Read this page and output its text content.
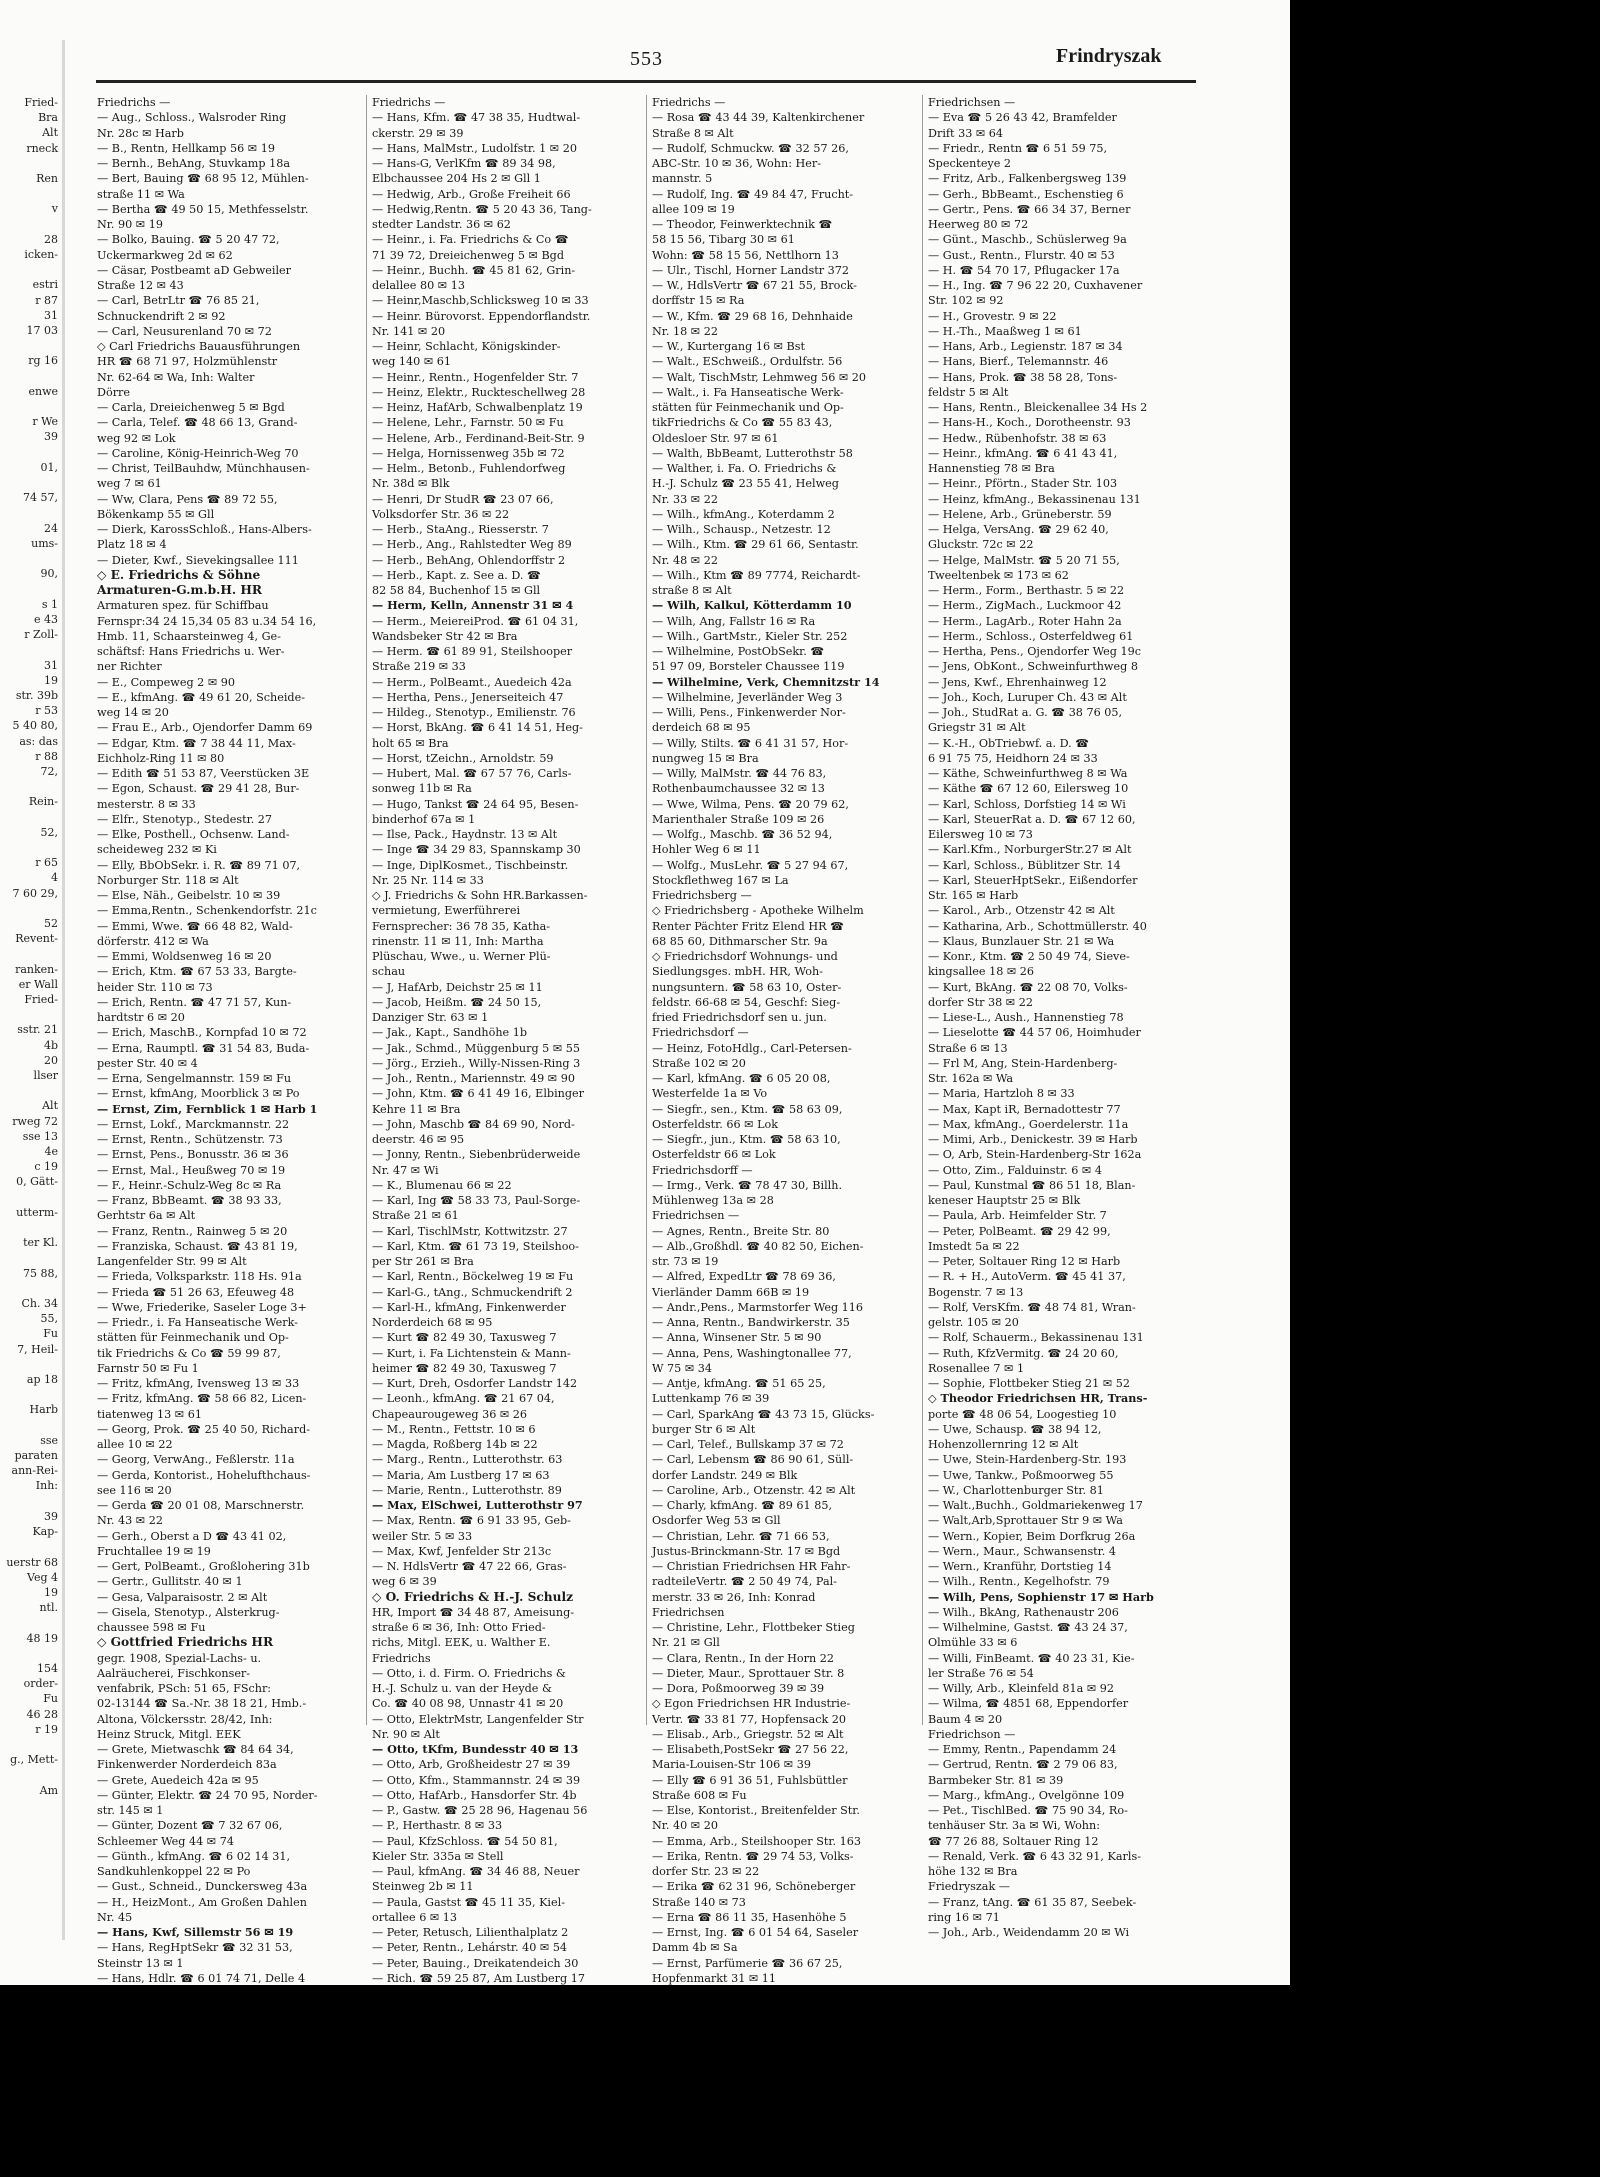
Fried-
Bra
Alt
rneck

Ren

v

28
icken-

estri
r 87
31
17 03

rg 16

enwe

r We
39

01,

74 57,

24
ums-

90,

s 1
e 43
r Zoll-

31
19
str. 39b
r 53
5 40 80,
as: das
r 88
72,

Rein-

52,

r 65
4
7 60 29,

52
Revent-

ranken-
er Wall
Fried-

sstr. 21
4b
20
llser

Alt
rweg 72
sse 13
4e
c 19
0, Gätt-

utterm-

ter Kl.

75 88,

Ch. 34
55,
Fu
7, Heil-

ap 18

Harb

sse
paraten
ann-Rei-
Inh:

39
Kap-

uerstr 68
Veg 4
19
ntl.

48 19

154
order-
Fu
46 28
r 19

g., Mett-

Am
553	Frindryszak
Friedrichs —
— Aug., Schloss., Walsroder Ring
Nr. 28c ✉ Harb
— B., Rentn, Hellkamp 56 ✉ 19
— Bernh., BehAng, Stuvkamp 18a
— Bert, Bauing ☎ 68 95 12, Mühlen-
straße 11 ✉ Wa
— Bertha ☎ 49 50 15, Methfesselstr.
Nr. 90 ✉ 19
— Bolko, Bauing. ☎ 5 20 47 72,
Uckermarkweg 2d ✉ 62
— Cäsar, Postbeamt aD Gebweiler
Straße 12 ✉ 43
— Carl, BetrLtr ☎ 76 85 21,
Schnuckendrift 2 ✉ 92
— Carl, Neusurenland 70 ✉ 72
◇ Carl Friedrichs Bauausführungen
HR ☎ 68 71 97, Holzmühlenstr
Nr. 62-64 ✉ Wa, Inh: Walter
Dörre
— Carla, Dreieichenweg 5 ✉ Bgd
— Carla, Telef. ☎ 48 66 13, Grand-
weg 92 ✉ Lok
— Caroline, König-Heinrich-Weg 70
— Christ, TeilBauhdw, Münchhausen-
weg 7 ✉ 61
— Ww, Clara, Pens ☎ 89 72 55,
Bökenkamp 55 ✉ Gll
— Dierk, KarossSchloß., Hans-Albers-
Platz 18 ✉ 4
— Dieter, Kwf., Sievekingsallee 111
◇ E. Friedrichs & Söhne
Armaturen-G.m.b.H. HR
Armaturen spez. für Schiffbau
Fernspr:34 24 15,34 05 83 u.34 54 16,
Hmb. 11, Schaarsteinweg 4, Ge-
schäftsf: Hans Friedrichs u. Wer-
ner Richter
— E., Compeweg 2 ✉ 90
— E., kfmAng. ☎ 49 61 20, Scheide-
weg 14 ✉ 20
— Frau E., Arb., Ojendorfer Damm 69
— Edgar, Ktm. ☎ 7 38 44 11, Max-
Eichholz-Ring 11 ✉ 80
— Edith ☎ 51 53 87, Veerstücken 3E
— Egon, Schaust. ☎ 29 41 28, Bur-
mesterstr. 8 ✉ 33
— Elfr., Stenotyp., Stedestr. 27
— Elke, Posthell., Ochsenw. Land-
scheideweg 232 ✉ Ki
— Elly, BbObSekr. i. R. ☎ 89 71 07,
Norburger Str. 118 ✉ Alt
— Else, Näh., Geibelstr. 10 ✉ 39
— Emma,Rentn., Schenkendorfstr. 21c
— Emmi, Wwe. ☎ 66 48 82, Wald-
dörferstr. 412 ✉ Wa
— Emmi, Woldsenweg 16 ✉ 20
— Erich, Ktm. ☎ 67 53 33, Bargte-
heider Str. 110 ✉ 73
— Erich, Rentn. ☎ 47 71 57, Kun-
hardtstr 6 ✉ 20
— Erich, MaschB., Kornpfad 10 ✉ 72
— Erna, Raumptl. ☎ 31 54 83, Buda-
pester Str. 40 ✉ 4
— Erna, Sengelmannstr. 159 ✉ Fu
— Ernst, kfmAng, Moorblick 3 ✉ Po
— Ernst, Zim, Fernblick 1 ✉ Harb 1
— Ernst, Lokf., Marckmannstr. 22
— Ernst, Rentn., Schützenstr. 73
— Ernst, Pens., Bonusstr. 36 ✉ 36
— Ernst, Mal., Heußweg 70 ✉ 19
— F., Heinr.-Schulz-Weg 8c ✉ Ra
— Franz, BbBeamt. ☎ 38 93 33,
Gerhtstr 6a ✉ Alt
— Franz, Rentn., Rainweg 5 ✉ 20
— Franziska, Schaust. ☎ 43 81 19,
Langenfelder Str. 99 ✉ Alt
— Frieda, Volksparkstr. 118 Hs. 91a
— Frieda ☎ 51 26 63, Efeuweg 48
— Wwe, Friederike, Saseler Loge 3+
— Friedr., i. Fa Hanseatische Werk-
stätten für Feinmechanik und Op-
tik Friedrichs & Co ☎ 59 99 87,
Farnstr 50 ✉ Fu 1
— Fritz, kfmAng, Ivensweg 13 ✉ 33
— Fritz, kfmAng. ☎ 58 66 82, Licen-
tiatenweg 13 ✉ 61
— Georg, Prok. ☎ 25 40 50, Richard-
allee 10 ✉ 22
— Georg, VerwAng., Feßlerstr. 11a
— Gerda, Kontorist., Hohelufthchaus-
see 116 ✉ 20
— Gerda ☎ 20 01 08, Marschnerstr.
Nr. 43 ✉ 22
— Gerh., Oberst a D ☎ 43 41 02,
Fruchtallee 19 ✉ 19
— Gert, PolBeamt., Großlohering 31b
— Gertr., Gullitstr. 40 ✉ 1
— Gesa, Valparaisostr. 2 ✉ Alt
— Gisela, Stenotyp., Alsterkrug-
chaussee 598 ✉ Fu
◇ Gottfried Friedrichs HR
gegr. 1908, Spezial-Lachs- u.
Aalräucherei, Fischkonser-
venfabrik, PSch: 51 65, FSchr:
02-13144 ☎ Sa.-Nr. 38 18 21, Hmb.-
Altona, Völckersstr. 28/42, Inh:
Heinz Struck, Mitgl. EEK
— Grete, Mietwaschk ☎ 84 64 34,
Finkenwerder Norderdeich 83a
— Grete, Auedeich 42a ✉ 95
— Günter, Elektr. ☎ 24 70 95, Norder-
str. 145 ✉ 1
— Günter, Dozent ☎ 7 32 67 06,
Schleemer Weg 44 ✉ 74
— Günth., kfmAng. ☎ 6 02 14 31,
Sandkuhlenkoppel 22 ✉ Po
— Gust., Schneid., Dunckersweg 43a
— H., HeizMont., Am Großen Dahlen
Nr. 45
— Hans, Kwf, Sillemstr 56 ✉ 19
— Hans, RegHptSekr ☎ 32 31 53,
Steinstr 13 ✉ 1
— Hans, Hdlr. ☎ 6 01 74 71, Delle 4
Friedrichs —
— Hans, Kfm. ☎ 47 38 35, Hudtwal-
ckerstr. 29 ✉ 39
— Hans, MalMstr., Ludolfstr. 1 ✉ 20
— Hans-G, VerlKfm ☎ 89 34 98,
Elbchaussee 204 Hs 2 ✉ Gll 1
— Hedwig, Arb., Große Freiheit 66
— Hedwig,Rentn. ☎ 5 20 43 36, Tang-
stedter Landstr. 36 ✉ 62
— Heinr., i. Fa. Friedrichs & Co ☎
71 39 72, Dreieichenweg 5 ✉ Bgd
— Heinr., Buchh. ☎ 45 81 62, Grin-
delallee 80 ✉ 13
— Heinr,Maschb,Schlicksweg 10 ✉ 33
— Heinr. Bürovorst. Eppendorflandstr.
Nr. 141 ✉ 20
— Heinr, Schlacht, Königskinder-
weg 140 ✉ 61
— Heinr., Rentn., Hogenfelder Str. 7
— Heinz, Elektr., Ruckteschellweg 28
— Heinz, HafArb, Schwalbenplatz 19
— Helene, Lehr., Farnstr. 50 ✉ Fu
— Helene, Arb., Ferdinand-Beit-Str. 9
— Helga, Hornissenweg 35b ✉ 72
— Helm., Betonb., Fuhlendorfweg
Nr. 38d ✉ Blk
— Henri, Dr StudR ☎ 23 07 66,
Volksdorfer Str. 36 ✉ 22
— Herb., StaAng., Riesserstr. 7
— Herb., Ang., Rahlstedter Weg 89
— Herb., BehAng, Ohlendorffstr 2
— Herb., Kapt. z. See a. D. ☎
82 58 84, Buchenhof 15 ✉ Gll
— Herm, Kelln, Annenstr 31 ✉ 4
— Herm., MeiereiProd. ☎ 61 04 31,
Wandsbeker Str 42 ✉ Bra
— Herm. ☎ 61 89 91, Steilshooper
Straße 219 ✉ 33
— Herm., PolBeamt., Auedeich 42a
— Hertha, Pens., Jenerseiteich 47
— Hildeg., Stenotyp., Emilienstr. 76
— Horst, BkAng. ☎ 6 41 14 51, Heg-
holt 65 ✉ Bra
— Horst, tZeichn., Arnoldstr. 59
— Hubert, Mal. ☎ 67 57 76, Carls-
sonweg 11b ✉ Ra
— Hugo, Tankst ☎ 24 64 95, Besen-
binderhof 67a ✉ 1
— Ilse, Pack., Haydnstr. 13 ✉ Alt
— Inge ☎ 34 29 83, Spannskamp 30
— Inge, DiplKosmet., Tischbeinstr.
Nr. 25 Nr. 114 ✉ 33
◇ J. Friedrichs & Sohn HR.Barkassen-
vermietung, Ewerführerei
Fernsprecher: 36 78 35, Katha-
rinenstr. 11 ✉ 11, Inh: Martha
Plüschau, Wwe., u. Werner Plü-
schau
— J, HafArb, Deichstr 25 ✉ 11
— Jacob, Heißm. ☎ 24 50 15,
Danziger Str. 63 ✉ 1
— Jak., Kapt., Sandhöhe 1b
— Jak., Schmd., Müggenburg 5 ✉ 55
— Jörg., Erzieh., Willy-Nissen-Ring 3
— Joh., Rentn., Mariennstr. 49 ✉ 90
— John, Ktm. ☎ 6 41 49 16, Elbinger
Kehre 11 ✉ Bra
— John, Maschb ☎ 84 69 90, Nord-
deerstr. 46 ✉ 95
— Jonny, Rentn., Siebenbrüderweide
Nr. 47 ✉ Wi
— K., Blumenau 66 ✉ 22
— Karl, Ing ☎ 58 33 73, Paul-Sorge-
Straße 21 ✉ 61
— Karl, TischlMstr, Kottwitzstr. 27
— Karl, Ktm. ☎ 61 73 19, Steilshoo-
per Str 261 ✉ Bra
— Karl, Rentn., Böckelweg 19 ✉ Fu
— Karl-G., tAng., Schmuckendrift 2
— Karl-H., kfmAng, Finkenwerder
Norderdeich 68 ✉ 95
— Kurt ☎ 82 49 30, Taxusweg 7
— Kurt, i. Fa Lichtenstein & Mann-
heimer ☎ 82 49 30, Taxusweg 7
— Kurt, Dreh, Osdorfer Landstr 142
— Leonh., kfmAng. ☎ 21 67 04,
Chapeaurougeweg 36 ✉ 26
— M., Rentn., Fettstr. 10 ✉ 6
— Magda, Roßberg 14b ✉ 22
— Marg., Rentn., Lutterothstr. 63
— Maria, Am Lustberg 17 ✉ 63
— Marie, Rentn., Lutterothstr. 89
— Max, ElSchwei, Lutterothstr 97
— Max, Rentn. ☎ 6 91 33 95, Geb-
weiler Str. 5 ✉ 33
— Max, Kwf, Jenfelder Str 213c
— N. HdlsVertr ☎ 47 22 66, Gras-
weg 6 ✉ 39
◇ O. Friedrichs & H.-J. Schulz
HR, Import ☎ 34 48 87, Ameisung-
straße 6 ✉ 36, Inh: Otto Fried-
richs, Mitgl. EEK, u. Walther E.
Friedrichs
— Otto, i. d. Firm. O. Friedrichs &
H.-J. Schulz u. van der Heyde &
Co. ☎ 40 08 98, Unnastr 41 ✉ 20
— Otto, ElektrMstr, Langenfelder Str
Nr. 90 ✉ Alt
— Otto, tKfm, Bundesstr 40 ✉ 13
— Otto, Arb, Großheidestr 27 ✉ 39
— Otto, Kfm., Stammannstr. 24 ✉ 39
— Otto, HafArb., Hansdorfer Str. 4b
— P., Gastw. ☎ 25 28 96, Hagenau 56
— P., Herthastr. 8 ✉ 33
— Paul, KfzSchloss. ☎ 54 50 81,
Kieler Str. 335a ✉ Stell
— Paul, kfmAng. ☎ 34 46 88, Neuer
Steinweg 2b ✉ 11
— Paula, Gastst ☎ 45 11 35, Kiel-
ortallee 6 ✉ 13
— Peter, Retusch, Lilienthalplatz 2
— Peter, Rentn., Lehárstr. 40 ✉ 54
— Peter, Bauing., Dreikatendeich 30
— Rich. ☎ 59 25 87, Am Lustberg 17
Friedrichs —
— Rosa ☎ 43 44 39, Kaltenkirchener
Straße 8 ✉ Alt
— Rudolf, Schmuckw. ☎ 32 57 26,
ABC-Str. 10 ✉ 36, Wohn: Her-
mannstr. 5
— Rudolf, Ing. ☎ 49 84 47, Frucht-
allee 109 ✉ 19
— Theodor, Feinwerktechnik ☎
58 15 56, Tibarg 30 ✉ 61
Wohn: ☎ 58 15 56, Nettlhorn 13
— Ulr., Tischl, Horner Landstr 372
— W., HdlsVertr ☎ 67 21 55, Brock-
dorffstr 15 ✉ Ra
— W., Kfm. ☎ 29 68 16, Dehnhaide
Nr. 18 ✉ 22
— W., Kurtergang 16 ✉ Bst
— Walt., ESchweiß., Ordulfstr. 56
— Walt, TischMstr, Lehmweg 56 ✉ 20
— Walt., i. Fa Hanseatische Werk-
stätten für Feinmechanik und Op-
tikFriedrichs & Co ☎ 55 83 43,
Oldesloer Str. 97 ✉ 61
— Walth, BbBeamt, Lutterothstr 58
— Walther, i. Fa. O. Friedrichs &
H.-J. Schulz ☎ 23 55 41, Helweg
Nr. 33 ✉ 22
— Wilh., kfmAng., Koterdamm 2
— Wilh., Schausp., Netzestr. 12
— Wilh., Ktm. ☎ 29 61 66, Sentastr.
Nr. 48 ✉ 22
— Wilh., Ktm ☎ 89 7774, Reichardt-
straße 8 ✉ Alt
— Wilh, Kalkul, Kötterdamm 10
— Wilh, Ang, Fallstr 16 ✉ Ra
— Wilh., GartMstr., Kieler Str. 252
— Wilhelmine, PostObSekr. ☎
51 97 09, Borsteler Chaussee 119
— Wilhelmine, Verk, Chemnitzstr 14
— Wilhelmine, Jeverländer Weg 3
— Willi, Pens., Finkenwerder Nor-
derdeich 68 ✉ 95
— Willy, Stilts. ☎ 6 41 31 57, Hor-
nungweg 15 ✉ Bra
— Willy, MalMstr. ☎ 44 76 83,
Rothenbaumchaussee 32 ✉ 13
— Wwe, Wilma, Pens. ☎ 20 79 62,
Marienthaler Straße 109 ✉ 26
— Wolfg., Maschb. ☎ 36 52 94,
Hohler Weg 6 ✉ 11
— Wolfg., MusLehr. ☎ 5 27 94 67,
Stockflethweg 167 ✉ La
Friedrichsberg —
◇ Friedrichsberg - Apotheke Wilhelm
Renter Pächter Fritz Elend HR ☎
68 85 60, Dithmarscher Str. 9a
◇ Friedrichsdorf Wohnungs- und
Siedlungsges. mbH. HR, Woh-
nungsuntern. ☎ 58 63 10, Oster-
feldstr. 66-68 ✉ 54, Geschf: Sieg-
fried Friedrichsdorf sen u. jun.
Friedrichsdorf —
— Heinz, FotoHdlg., Carl-Petersen-
Straße 102 ✉ 20
— Karl, kfmAng. ☎ 6 05 20 08,
Westerfelde 1a ✉ Vo
— Siegfr., sen., Ktm. ☎ 58 63 09,
Osterfeldstr. 66 ✉ Lok
— Siegfr., jun., Ktm. ☎ 58 63 10,
Osterfeldstr 66 ✉ Lok
Friedrichsdorff —
— Irmg., Verk. ☎ 78 47 30, Billh.
Mühlenweg 13a ✉ 28
Friedrichsen —
— Agnes, Rentn., Breite Str. 80
— Alb.,Großhdl. ☎ 40 82 50, Eichen-
str. 73 ✉ 19
— Alfred, ExpedLtr ☎ 78 69 36,
Vierländer Damm 66B ✉ 19
— Andr.,Pens., Marmstorfer Weg 116
— Anna, Rentn., Bandwirkerstr. 35
— Anna, Winsener Str. 5 ✉ 90
— Anna, Pens, Washingtonallee 77,
W 75 ✉ 34
— Antje, kfmAng. ☎ 51 65 25,
Luttenkamp 76 ✉ 39
— Carl, SparkAng ☎ 43 73 15, Glücks-
burger Str 6 ✉ Alt
— Carl, Telef., Bullskamp 37 ✉ 72
— Carl, Lebensm ☎ 86 90 61, Süll-
dorfer Landstr. 249 ✉ Blk
— Caroline, Arb., Otzenstr. 42 ✉ Alt
— Charly, kfmAng. ☎ 89 61 85,
Osdorfer Weg 53 ✉ Gll
— Christian, Lehr. ☎ 71 66 53,
Justus-Brinckmann-Str. 17 ✉ Bgd
— Christian Friedrichsen HR Fahr-
radteileVertr. ☎ 2 50 49 74, Pal-
merstr. 33 ✉ 26, Inh: Konrad
Friedrichsen
— Christine, Lehr., Flottbeker Stieg
Nr. 21 ✉ Gll
— Clara, Rentn., In der Horn 22
— Dieter, Maur., Sprottauer Str. 8
— Dora, Poßmoorweg 39 ✉ 39
◇ Egon Friedrichsen HR Industrie-
Vertr. ☎ 33 81 77, Hopfensack 20
— Elisab., Arb., Griegstr. 52 ✉ Alt
— Elisabeth,PostSekr ☎ 27 56 22,
Maria-Louisen-Str 106 ✉ 39
— Elly ☎ 6 91 36 51, Fuhlsbüttler
Straße 608 ✉ Fu
— Else, Kontorist., Breitenfelder Str.
Nr. 40 ✉ 20
— Emma, Arb., Steilshooper Str. 163
— Erika, Rentn. ☎ 29 74 53, Volks-
dorfer Str. 23 ✉ 22
— Erika ☎ 62 31 96, Schöneberger
Straße 140 ✉ 73
— Erna ☎ 86 11 35, Hasenhöhe 5
— Ernst, Ing. ☎ 6 01 54 64, Saseler
Damm 4b ✉ Sa
— Ernst, Parfümerie ☎ 36 67 25,
Hopfenmarkt 31 ✉ 11
Friedrichsen —
— Eva ☎ 5 26 43 42, Bramfelder
Drift 33 ✉ 64
— Friedr., Rentn ☎ 6 51 59 75,
Speckenteye 2
— Fritz, Arb., Falkenbergsweg 139
— Gerh., BbBeamt., Eschenstieg 6
— Gertr., Pens. ☎ 66 34 37, Berner
Heerweg 80 ✉ 72
— Günt., Maschb., Schüslerweg 9a
— Gust., Rentn., Flurstr. 40 ✉ 53
— H. ☎ 54 70 17, Pflugacker 17a
— H., Ing. ☎ 7 96 22 20, Cuxhavener
Str. 102 ✉ 92
— H., Grovestr. 9 ✉ 22
— H.-Th., Maaßweg 1 ✉ 61
— Hans, Arb., Legienstr. 187 ✉ 34
— Hans, Bierf., Telemannstr. 46
— Hans, Prok. ☎ 38 58 28, Tons-
feldstr 5 ✉ Alt
— Hans, Rentn., Bleickenallee 34 Hs 2
— Hans-H., Koch., Dorotheenstr. 93
— Hedw., Rübenhofstr. 38 ✉ 63
— Heinr., kfmAng. ☎ 6 41 43 41,
Hannenstieg 78 ✉ Bra
— Heinr., Pförtn., Stader Str. 103
— Heinz, kfmAng., Bekassinenau 131
— Helene, Arb., Grüneberstr. 59
— Helga, VersAng. ☎ 29 62 40,
Gluckstr. 72c ✉ 22
— Helge, MalMstr. ☎ 5 20 71 55,
Tweeltenbek ✉ 173 ✉ 62
— Herm., Form., Berthastr. 5 ✉ 22
— Herm., ZigMach., Luckmoor 42
— Herm., LagArb., Roter Hahn 2a
— Herm., Schloss., Osterfeldweg 61
— Hertha, Pens., Ojendorfer Weg 19c
— Jens, ObKont., Schweinfurthweg 8
— Jens, Kwf., Ehrenhainweg 12
— Joh., Koch, Luruper Ch. 43 ✉ Alt
— Joh., StudRat a. G. ☎ 38 76 05,
Griegstr 31 ✉ Alt
— K.-H., ObTriebwf. a. D. ☎
6 91 75 75, Heidhorn 24 ✉ 33
— Käthe, Schweinfurthweg 8 ✉ Wa
— Käthe ☎ 67 12 60, Eilersweg 10
— Karl, Schloss, Dorfstieg 14 ✉ Wi
— Karl, SteuerRat a. D. ☎ 67 12 60,
Eilersweg 10 ✉ 73
— Karl.Kfm., NorburgerStr.27 ✉ Alt
— Karl, Schloss., Büblitzer Str. 14
— Karl, SteuerHptSekr., Eißendorfer
Str. 165 ✉ Harb
— Karol., Arb., Otzenstr 42 ✉ Alt
— Katharina, Arb., Schottmüllerstr. 40
— Klaus, Bunzlauer Str. 21 ✉ Wa
— Konr., Ktm. ☎ 2 50 49 74, Sieve-
kingsallee 18 ✉ 26
— Kurt, BkAng. ☎ 22 08 70, Volks-
dorfer Str 38 ✉ 22
— Liese-L., Aush., Hannenstieg 78
— Lieselotte ☎ 44 57 06, Hoimhuder
Straße 6 ✉ 13
— Frl M, Ang, Stein-Hardenberg-
Str. 162a ✉ Wa
— Maria, Hartzloh 8 ✉ 33
— Max, Kapt iR, Bernadottestr 77
— Max, kfmAng., Goerdelerstr. 11a
— Mimi, Arb., Denickestr. 39 ✉ Harb
— O, Arb, Stein-Hardenberg-Str 162a
— Otto, Zim., Falduinstr. 6 ✉ 4
— Paul, Kunstmal ☎ 86 51 18, Blan-
keneser Hauptstr 25 ✉ Blk
— Paula, Arb. Heimfelder Str. 7
— Peter, PolBeamt. ☎ 29 42 99,
Imstedt 5a ✉ 22
— Peter, Soltauer Ring 12 ✉ Harb
— R. + H., AutoVerm. ☎ 45 41 37,
Bogenstr. 7 ✉ 13
— Rolf, VersKfm. ☎ 48 74 81, Wran-
gelstr. 105 ✉ 20
— Rolf, Schauerm., Bekassinenau 131
— Ruth, KfzVermitg. ☎ 24 20 60,
Rosenallee 7 ✉ 1
— Sophie, Flottbeker Stieg 21 ✉ 52
◇ Theodor Friedrichsen HR, Trans-
porte ☎ 48 06 54, Loogestieg 10
— Uwe, Schausp. ☎ 38 94 12,
Hohenzollernring 12 ✉ Alt
— Uwe, Stein-Hardenberg-Str. 193
— Uwe, Tankw., Poßmoorweg 55
— W., Charlottenburger Str. 81
— Walt.,Buchh., Goldmariekenweg 17
— Walt,Arb,Sprottauer Str 9 ✉ Wa
— Wern., Kopier, Beim Dorfkrug 26a
— Wern., Maur., Schwansenstr. 4
— Wern., Kranführ, Dortstieg 14
— Wilh., Rentn., Kegelhofstr. 79
— Wilh, Pens, Sophienstr 17 ✉ Harb
— Wilh., BkAng, Rathenaustr 206
— Wilhelmine, Gastst. ☎ 43 24 37,
Olmühle 33 ✉ 6
— Willi, FinBeamt. ☎ 40 23 31, Kie-
ler Straße 76 ✉ 54
— Willy, Arb., Kleinfeld 81a ✉ 92
— Wilma, ☎ 4851 68, Eppendorfer
Baum 4 ✉ 20
Friedrichson —
— Emmy, Rentn., Papendamm 24
— Gertrud, Rentn. ☎ 2 79 06 83,
Barmbeker Str. 81 ✉ 39
— Marg., kfmAng., Ovelgönne 109
— Pet., TischlBed. ☎ 75 90 34, Ro-
tenhäuser Str. 3a ✉ Wi, Wohn:
☎ 77 26 88, Soltauer Ring 12
— Renald, Verk. ☎ 6 43 32 91, Karls-
höhe 132 ✉ Bra
Friedryszak —
— Franz, tAng. ☎ 61 35 87, Seebek-
ring 16 ✉ 71
— Joh., Arb., Weidendamm 20 ✉ Wi
